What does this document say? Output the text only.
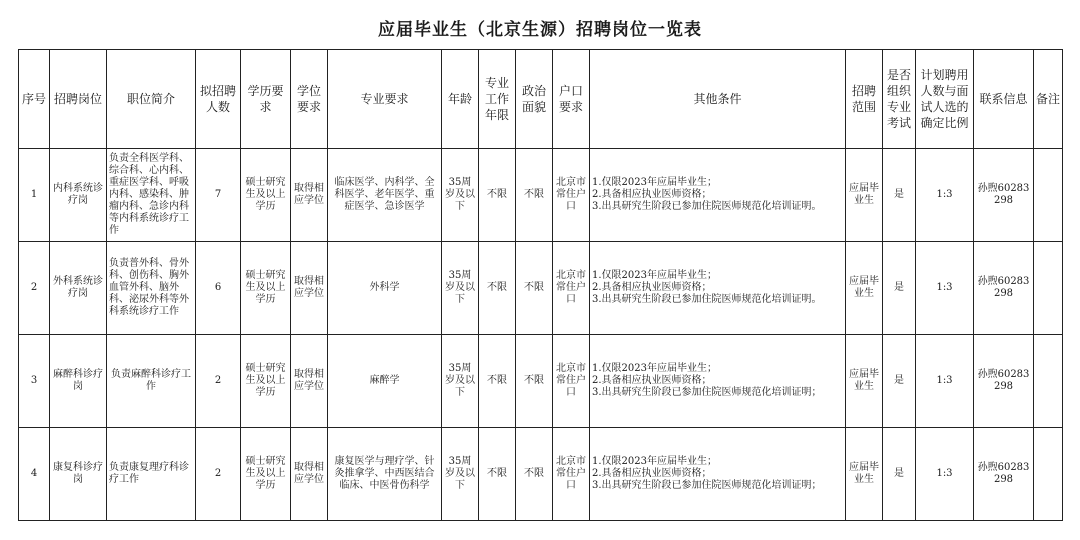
应届毕业生（北京生源）招聘岗位一览表
序号	招聘岗位	职位简介	拟招聘人数	学历要求	学位要求	专业要求	年龄	专业工作年限	政治面貌	户口要求	其他条件	招聘范围	是否组织专业考试	计划聘用人数与面试人选的确定比例	联系信息	备注
1	内科系统诊疗岗	负责全科医学科、综合科、心内科、重症医学科、呼吸内科、感染科、肿瘤内科、急诊内科等内科系统诊疗工作	7	硕士研究生及以上学历	取得相应学位	临床医学、内科学、全科医学、老年医学、重症医学、急诊医学	35周岁及以下	不限	不限	北京市常住户口	1.仅限2023年应届毕业生；
2.具备相应执业医师资格；
3.出具研究生阶段已参加住院医师规范化培训证明。	应届毕业生	是	1:3	孙煦60283298	
2	外科系统诊疗岗	负责普外科、骨外科、创伤科、胸外血管外科、脑外科、泌尿外科等外科系统诊疗工作	6	硕士研究生及以上学历	取得相应学位	外科学	35周岁及以下	不限	不限	北京市常住户口	1.仅限2023年应届毕业生；
2.具备相应执业医师资格；
3.出具研究生阶段已参加住院医师规范化培训证明。	应届毕业生	是	1:3	孙煦60283298	
3	麻醉科诊疗岗	负责麻醉科诊疗工作	2	硕士研究生及以上学历	取得相应学位	麻醉学	35周岁及以下	不限	不限	北京市常住户口	1.仅限2023年应届毕业生；
2.具备相应执业医师资格；
3.出具研究生阶段已参加住院医师规范化培训证明；	应届毕业生	是	1:3	孙煦60283298	
4	康复科诊疗岗	负责康复理疗科诊疗工作	2	硕士研究生及以上学历	取得相应学位	康复医学与理疗学、针灸推拿学、中西医结合临床、中医骨伤科学	35周岁及以下	不限	不限	北京市常住户口	1.仅限2023年应届毕业生；
2.具备相应执业医师资格；
3.出具研究生阶段已参加住院医师规范化培训证明；	应届毕业生	是	1:3	孙煦60283298	
